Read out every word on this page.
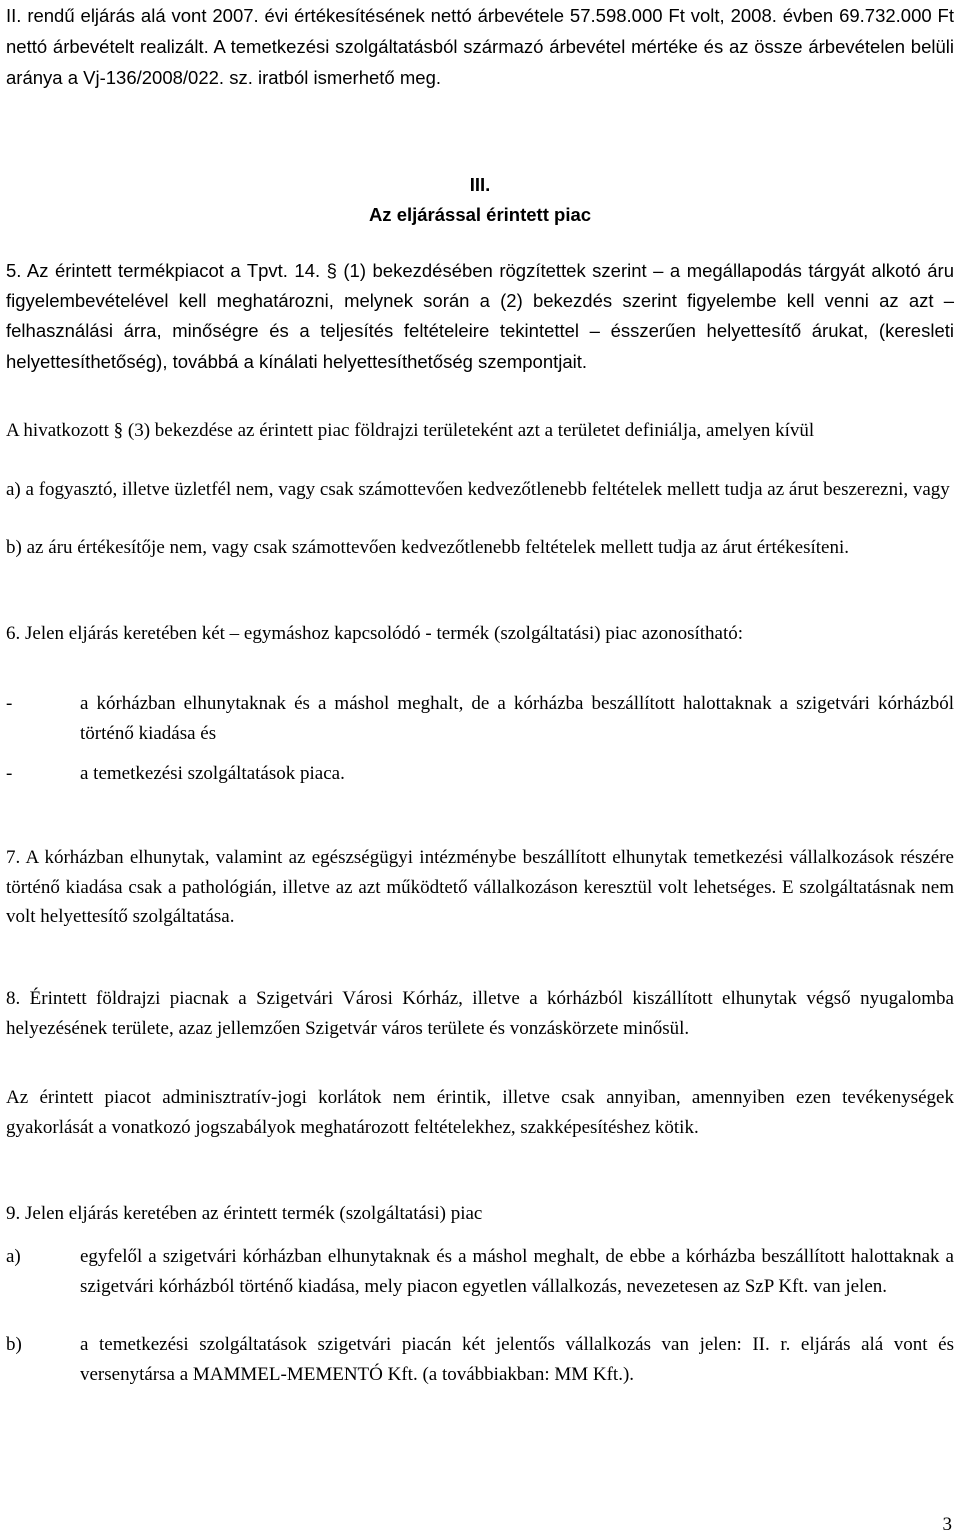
II. rendű eljárás alá vont 2007. évi értékesítésének nettó árbevétele 57.598.000 Ft volt, 2008. évben 69.732.000 Ft nettó árbevételt realizált. A temetkezési szolgáltatásból származó árbevétel mértéke és az össze árbevételen belüli aránya a Vj-136/2008/022. sz. iratból ismerhető meg.

III.

Az eljárással érintett piac

5. Az érintett termékpiacot a Tpvt. 14. § (1) bekezdésében rögzítettek szerint – a megállapodás tárgyát alkotó áru figyelembevételével kell meghatározni, melynek során a (2) bekezdés szerint figyelembe kell venni az azt – felhasználási árra, minőségre és a teljesítés feltételeire tekintettel – ésszerűen helyettesítő árukat, (keresleti helyettesíthetőség), továbbá a kínálati helyettesíthetőség szempontjait.

A hivatkozott § (3) bekezdése az érintett piac földrajzi területeként azt a területet definiálja, amelyen kívül

a) a fogyasztó, illetve üzletfél nem, vagy csak számottevően kedvezőtlenebb feltételek mellett tudja az árut beszerezni, vagy

b) az áru értékesítője nem, vagy csak számottevően kedvezőtlenebb feltételek mellett tudja az árut értékesíteni.

6. Jelen eljárás keretében két – egymáshoz kapcsolódó - termék (szolgáltatási) piac azonosítható:

-	a kórházban elhunytaknak és a máshol meghalt, de a kórházba beszállított halottaknak a szigetvári kórházból történő kiadása és
-	a temetkezési szolgáltatások piaca.

7. A kórházban elhunytak, valamint az egészségügyi intézménybe beszállított elhunytak temetkezési vállalkozások részére történő kiadása csak a pathológián, illetve az azt működtető vállalkozáson keresztül volt lehetséges. E szolgáltatásnak nem volt helyettesítő szolgáltatása.

8. Érintett földrajzi piacnak a Szigetvári Városi Kórház, illetve a kórházból kiszállított elhunytak végső nyugalomba helyezésének területe, azaz jellemzően Szigetvár város területe és vonzáskörzete minősül.

Az érintett piacot adminisztratív-jogi korlátok nem érintik, illetve csak annyiban, amennyiben ezen tevékenységek gyakorlását a vonatkozó jogszabályok meghatározott feltételekhez, szakképesítéshez kötik.

9. Jelen eljárás keretében az érintett termék (szolgáltatási) piac

a)	egyfelől a szigetvári kórházban elhunytaknak és a máshol meghalt, de ebbe a kórházba beszállított halottaknak a szigetvári kórházból történő kiadása, mely piacon egyetlen vállalkozás, nevezetesen az SzP Kft. van jelen.
b)	a temetkezési szolgáltatások szigetvári piacán két jelentős vállalkozás van jelen: II. r. eljárás alá vont és versenytársa a MAMMEL-MEMENTÓ Kft. (a továbbiakban: MM Kft.).
3
